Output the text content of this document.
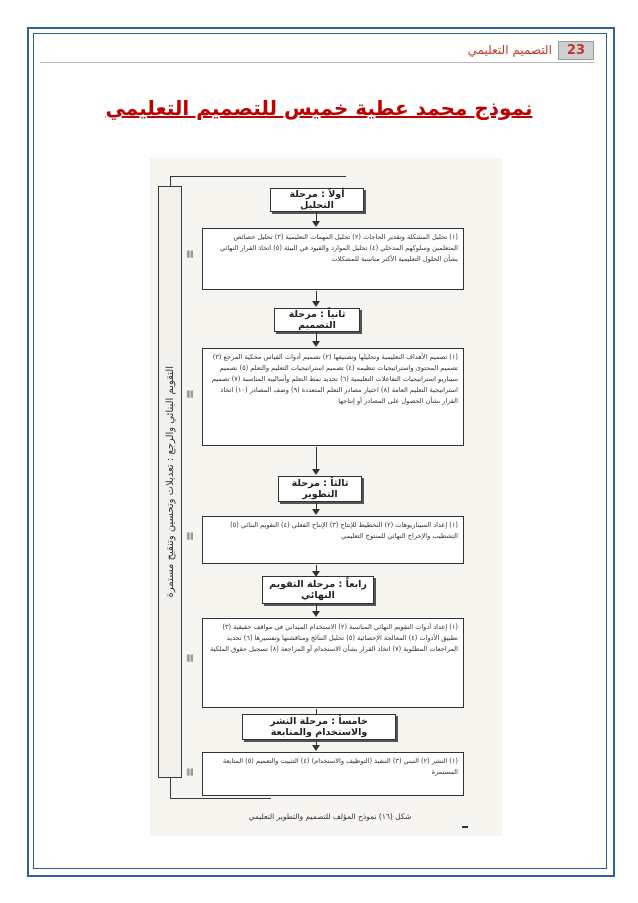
23
التصميم التعليمي
نموذج محمد عطية خميس للتصميم التعليمي
التقويم البنائي والرجع : تعديلات وتحسين وتنقيح مستمرة
أولاً : مرحلة التحليل
(١) تحليل المشكلة وتقدير الحاجات (٢) تحليل المهمات التعليمية (٣) تحليل خصائص المتعلمين وسلوكهم المدخلي (٤) تحليل الموارد والقيود في البيئة (٥) اتخاذ القرار النهائي بشأن الحلول التعليمية الأكثر مناسبة للمشكلات
|||||
ثانياً : مرحلة التصميم
(١) تصميم الأهداف التعليمية وتحليلها وتصنيفها (٢) تصميم أدوات القياس محكية المرجع (٣) تصميم المحتوى واستراتيجيات تنظيمه (٤) تصميم استراتيجيات التعليم والتعلم (٥) تصميم سيناريو استراتيجيات التفاعلات التعليمية (٦) تحديد نمط التعلم وأساليبه المناسبة (٧) تصميم استراتيجية التعليم العامة (٨) اختيار مصادر التعلم المتعددة (٩) وصف المصادر (١٠) اتخاذ القرار بشأن الحصول على المصادر أو إنتاجها
|||||
ثالثاً : مرحلة التطوير
(١) إعداد السيناريوهات (٢) التخطيط للإنتاج (٣) الإنتاج الفعلي (٤) التقويم البنائي (٥) التشطيب والإخراج النهائي للمنتوج التعليمي
|||||
رابعاً : مرحلة التقويم النهائي
(١) إعداد أدوات التقويم النهائي المناسبة (٢) الاستخدام الميداني في مواقف حقيقية (٣) تطبيق الأدوات (٤) المعالجة الإحصائية (٥) تحليل النتائج ومناقشتها وتفسيرها (٦) تحديد المراجعات المطلوبة (٧) اتخاذ القرار بشأن الاستخدام أو المراجعة (٨) تسجيل حقوق الملكية
|||||
خامساً : مرحلة النشر والاستخدام والمتابعة
(١) النشر (٢) التبني (٣) التنفيذ (التوظيف والاستخدام) (٤) التثبيت والتعميم (٥) المتابعة المستمرة
|||||
شكل (١٦) نموذج المؤلف للتصميم والتطوير التعليمي
